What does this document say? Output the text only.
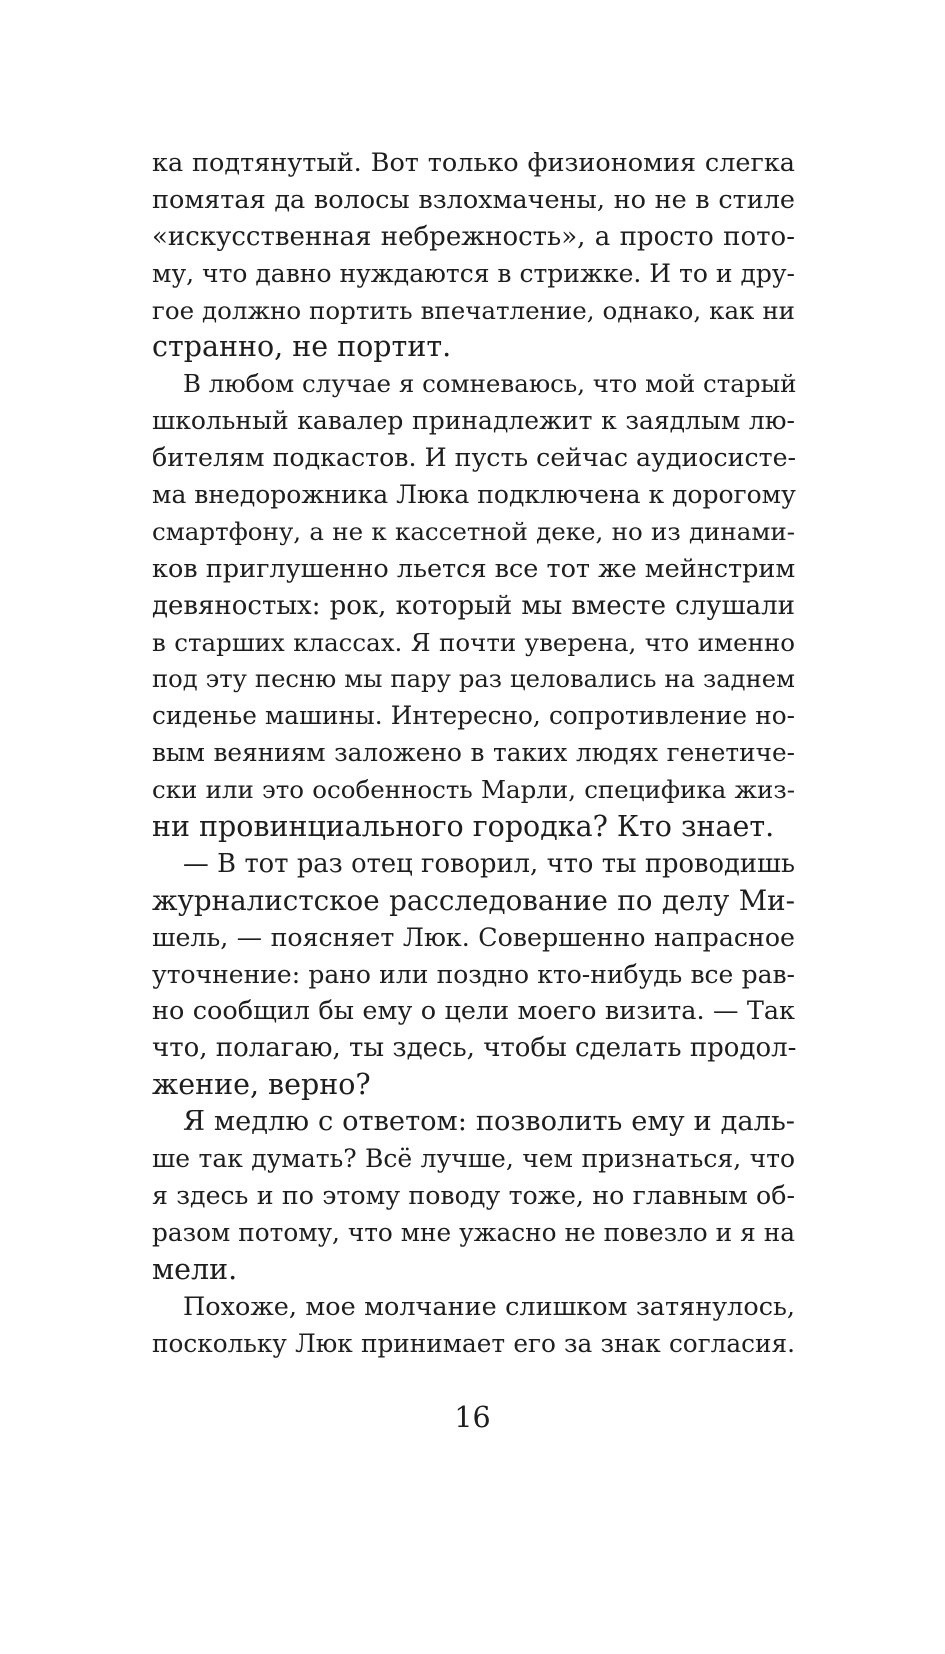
ка подтянутый. Вот только физиономия слегка
помятая да волосы взлохмачены, но не в стиле
«искусственная небрежность», а просто пото-
му, что давно нуждаются в стрижке. И то и дру-
гое должно портить впечатление, однако, как ни
странно, не портит.
В любом случае я сомневаюсь, что мой старый
школьный кавалер принадлежит к заядлым лю-
бителям подкастов. И пусть сейчас аудиосисте-
ма внедорожника Люка подключена к дорогому
смартфону, а не к кассетной деке, но из динами-
ков приглушенно льется все тот же мейнстрим
девяностых: рок, который мы вместе слушали
в старших классах. Я почти уверена, что именно
под эту песню мы пару раз целовались на заднем
сиденье машины. Интересно, сопротивление но-
вым веяниям заложено в таких людях генетиче-
ски или это особенность Марли, специфика жиз-
ни провинциального городка? Кто знает.
— В тот раз отец говорил, что ты проводишь
журналистское расследование по делу Ми-
шель, — поясняет Люк. Совершенно напрасное
уточнение: рано или поздно кто-нибудь все рав-
но сообщил бы ему о цели моего визита. — Так
что, полагаю, ты здесь, чтобы сделать продол-
жение, верно?
Я медлю с ответом: позволить ему и даль-
ше так думать? Всё лучше, чем признаться, что
я здесь и по этому поводу тоже, но главным об-
разом потому, что мне ужасно не повезло и я на
мели.
Похоже, мое молчание слишком затянулось,
поскольку Люк принимает его за знак согласия.
16
